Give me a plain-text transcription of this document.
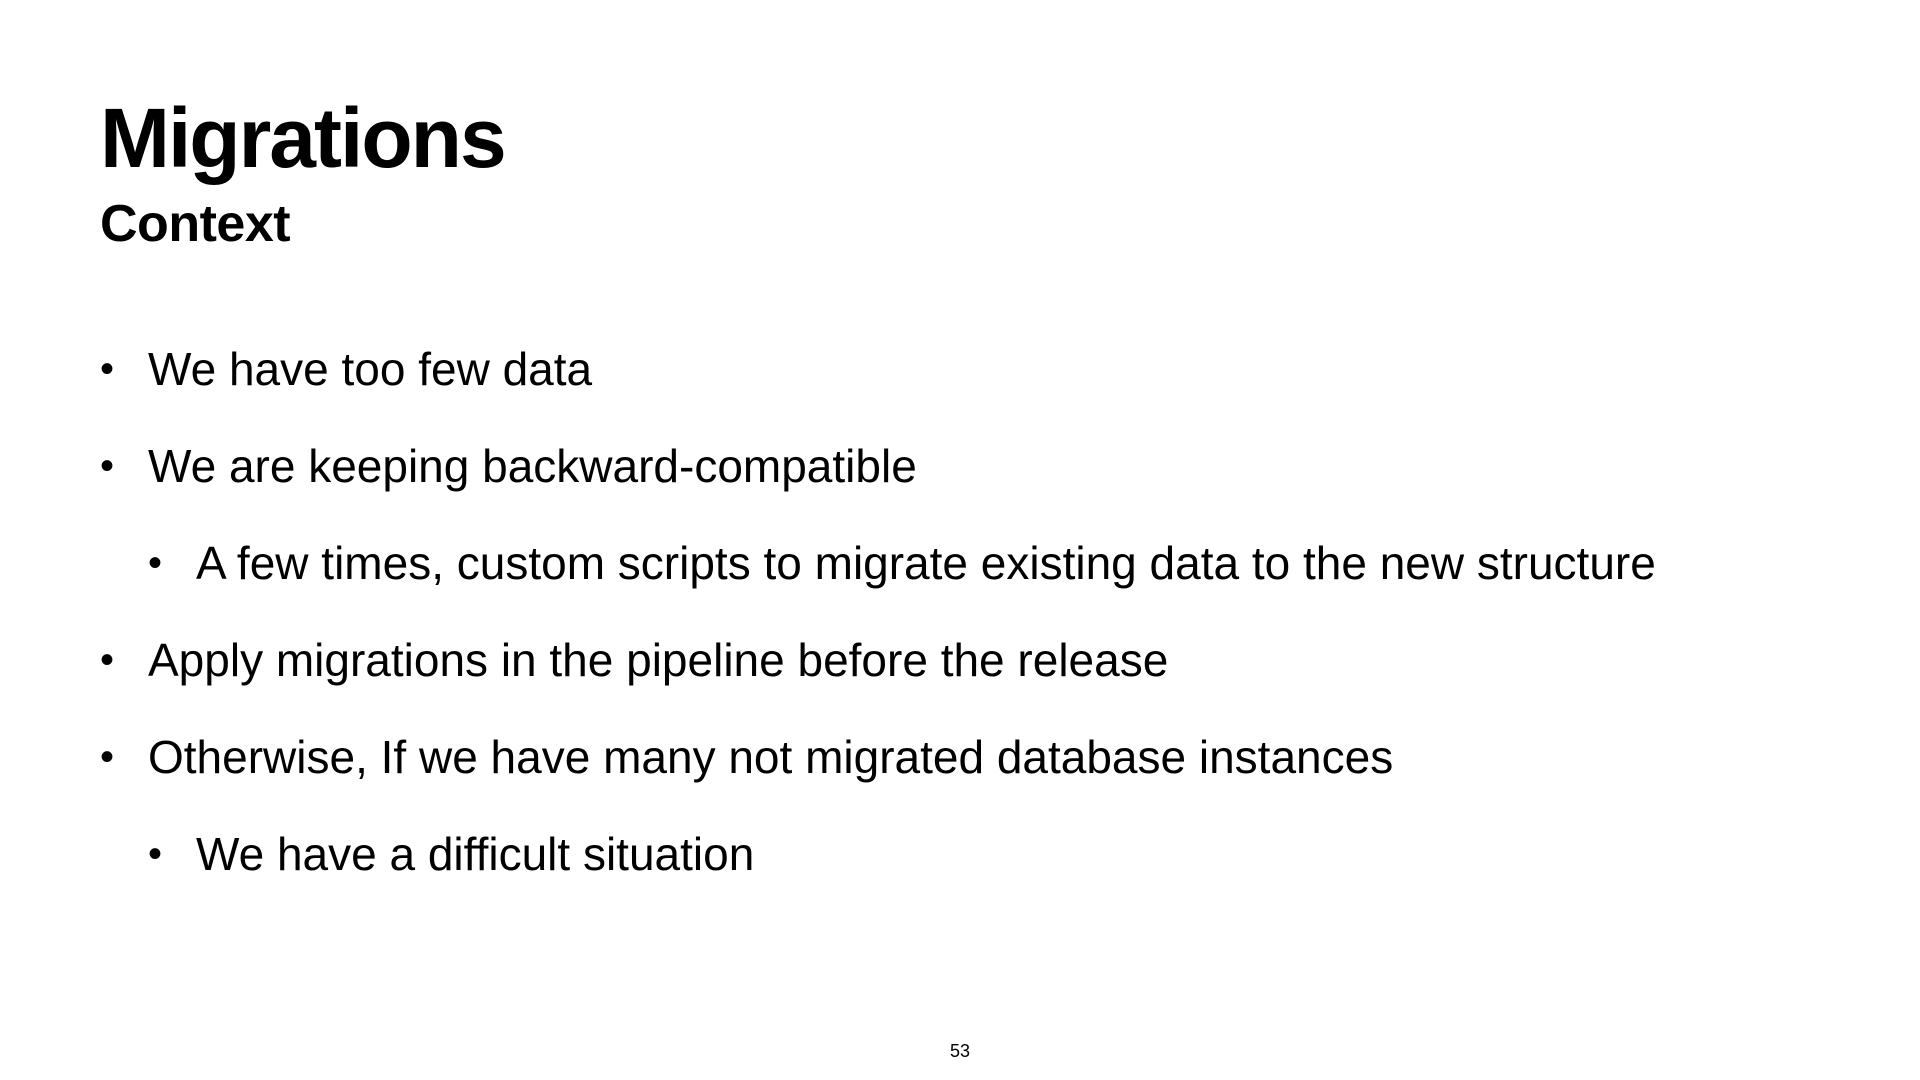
Migrations
Context
• We have too few data
• We are keeping backward-compatible
• A few times, custom scripts to migrate existing data to the new structure
• Apply migrations in the pipeline before the release
• Otherwise, If we have many not migrated database instances
• We have a difficult situation
53
